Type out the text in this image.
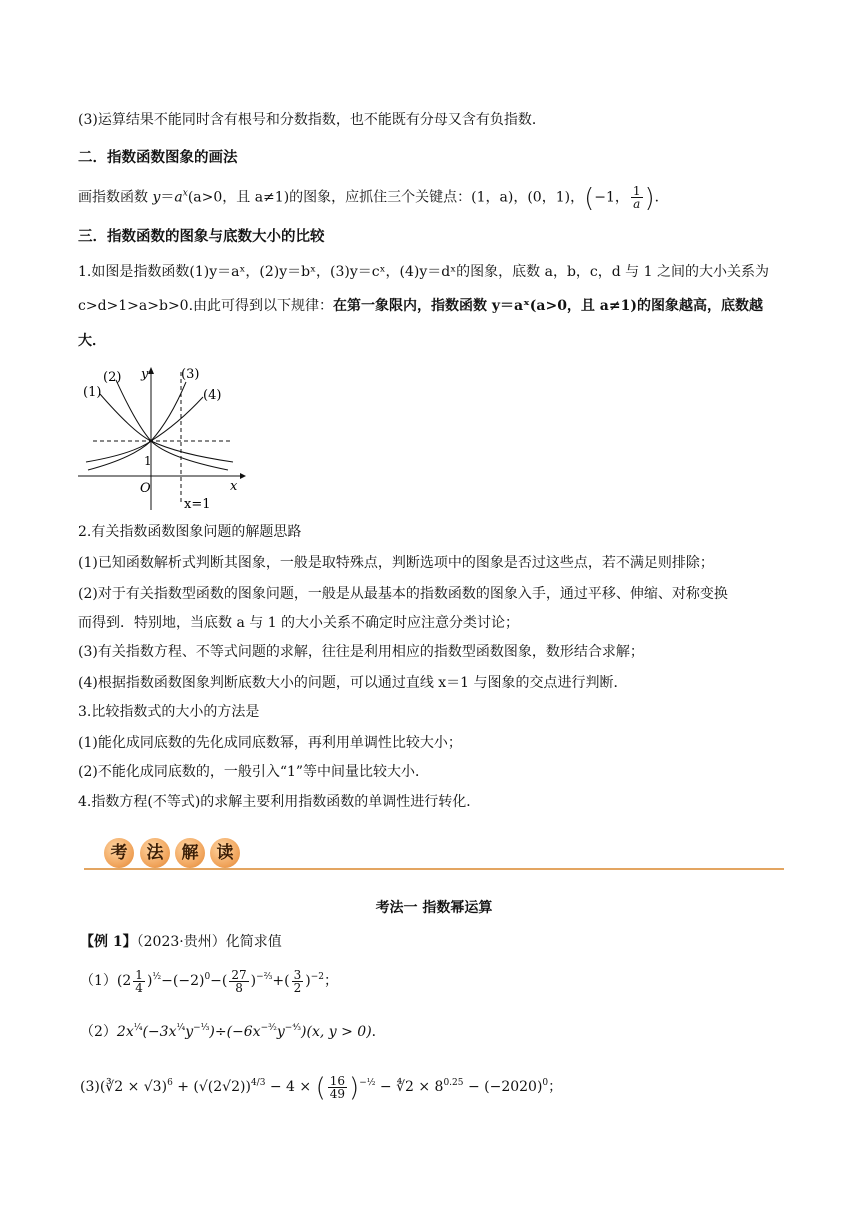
(3)运算结果不能同时含有根号和分数指数，也不能既有分母又含有负指数．
二．指数函数图象的画法
画指数函数 $y=a^x(a>0$，且 a≠1)的图象，应抓住三个关键点：(1，a)，(0，1)，(−1， $\frac{1}{a}$ )．
三．指数函数的图象与底数大小的比较
1.如图是指数函数(1)y＝aˣ，(2)y＝bˣ，(3)y＝cˣ，(4)y＝dˣ的图象，底数 a，b，c，d 与 1 之间的大小关系为
c>d>1>a>b>0.由此可得到以下规律：在第一象限内，指数函数 y＝aˣ(a>0，且 a≠1)的图象越高，底数越
大．
(1)
(2)	(3)
(4)
y
x
O
1
x=1
2.有关指数函数图象问题的解题思路
(1)已知函数解析式判断其图象，一般是取特殊点，判断选项中的图象是否过这些点，若不满足则排除；
(2)对于有关指数型函数的图象问题，一般是从最基本的指数函数的图象入手，通过平移、伸缩、对称变换
而得到．特别地，当底数 a 与 1 的大小关系不确定时应注意分类讨论；
(3)有关指数方程、不等式问题的求解，往往是利用相应的指数型函数图象，数形结合求解；
(4)根据指数函数图象判断底数大小的问题，可以通过直线 x＝1 与图象的交点进行判断．
3.比较指数式的大小的方法是
(1)能化成同底数的先化成同底数幂，再利用单调性比较大小；
(2)不能化成同底数的，一般引入“1”等中间量比较大小．
4.指数方程(不等式)的求解主要利用指数函数的单调性进行转化．
考	法	解	读
考法一 指数幂运算
【例 1】（2023·贵州）化简求值
$(1)(2 \frac{1}{4} )^{\frac{1}{2}}-(-2)^0-( \frac{27}{8} )^{-\frac{2}{3}}+( \frac{3}{2} )^{-2}$；
$(2)2x^{\frac{1}{4}}(-3x^{\frac{1}{4}}y^{-\frac{1}{3}})\div(-6x^{-^3⁄_2}y^{-^4⁄_3})(x$, y > 0)．
(3)(∛2 × $√3)^6 + (√(2√2))^{4/3} - 4$ × ( $\frac{16}{49} )^{-\frac{1}{2}}$ − ∜2 × $8^{0.25} - (-2020)^0$；
